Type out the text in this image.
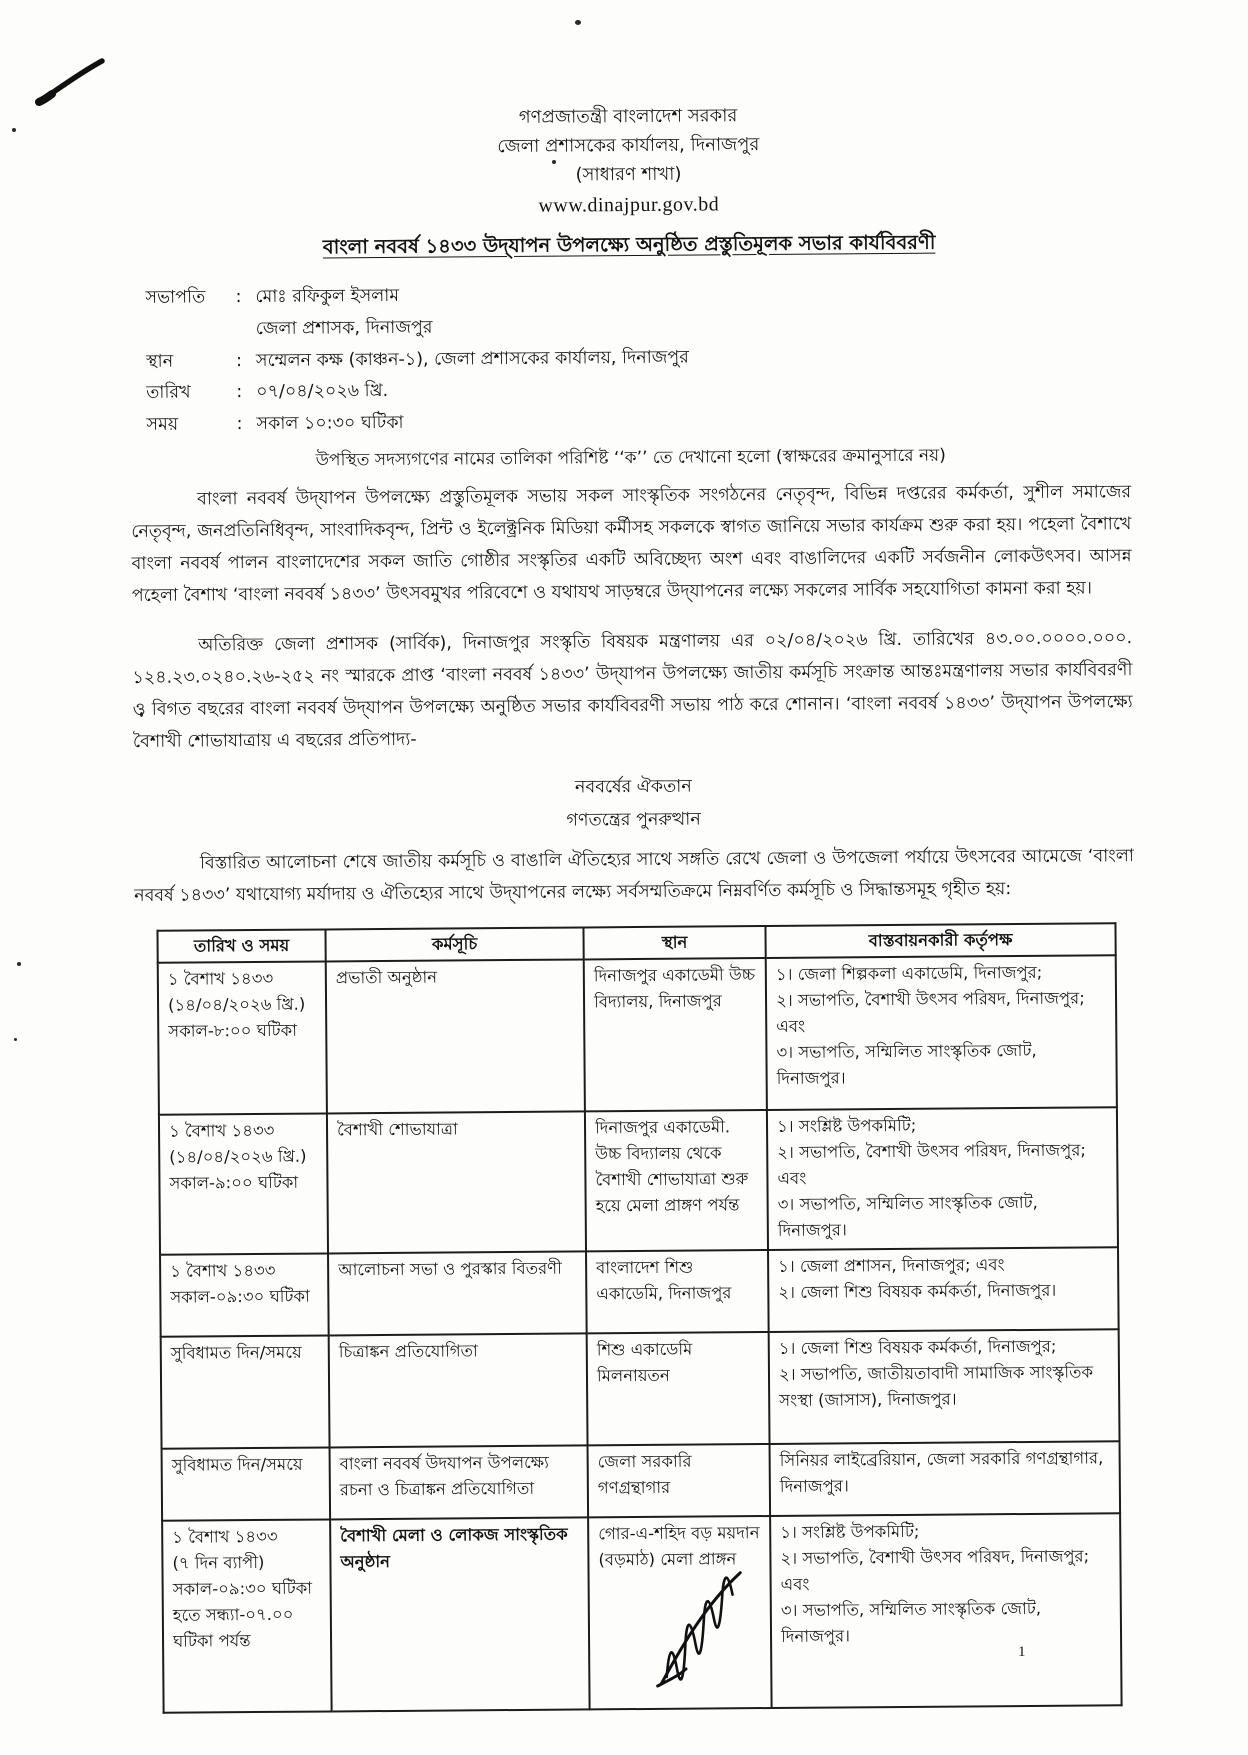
গণপ্রজাতন্ত্রী বাংলাদেশ সরকার
জেলা প্রশাসকের কার্যালয়, দিনাজপুর
(সাধারণ শাখা)
www.dinajpur.gov.bd
বাংলা নববর্ষ ১৪৩৩ উদ্‌যাপন উপলক্ষ্যে অনুষ্ঠিত প্রস্তুতিমূলক সভার কার্যবিবরণী
সভাপতি	: মোঃ রফিকুল ইসলাম
জেলা প্রশাসক, দিনাজপুর
স্থান	: সম্মেলন কক্ষ (কাঞ্চন-১), জেলা প্রশাসকের কার্যালয়, দিনাজপুর
তারিখ	: ০৭/০৪/২০২৬ খ্রি.
সময়	: সকাল ১০:৩০ ঘটিকা
উপস্থিত সদস্যগণের নামের তালিকা পরিশিষ্ট ‘‘ক’’ তে দেখানো হলো (স্বাক্ষরের ক্রমানুসারে নয়)

বাংলা নববর্ষ উদ্‌যাপন উপলক্ষ্যে প্রস্তুতিমূলক সভায় সকল সাংস্কৃতিক সংগঠনের নেতৃবৃন্দ, বিভিন্ন দপ্তরের কর্মকর্তা, সুশীল সমাজের নেতৃবৃন্দ, জনপ্রতিনিধিবৃন্দ, সাংবাদিকবৃন্দ, প্রিন্ট ও ইলেক্ট্রনিক মিডিয়া কর্মীসহ সকলকে স্বাগত জানিয়ে সভার কার্যক্রম শুরু করা হয়। পহেলা বৈশাখে বাংলা নববর্ষ পালন বাংলাদেশের সকল জাতি গোষ্ঠীর সংস্কৃতির একটি অবিচ্ছেদ্য অংশ এবং বাঙালিদের একটি সর্বজনীন লোকউৎসব। আসন্ন পহেলা বৈশাখ ‘বাংলা নববর্ষ ১৪৩৩’ উৎসবমুখর পরিবেশে ও যথাযথ সাড়ম্বরে উদ্‌যাপনের লক্ষ্যে সকলের সার্বিক সহযোগিতা কামনা করা হয়।

অতিরিক্ত জেলা প্রশাসক (সার্বিক), দিনাজপুর সংস্কৃতি বিষয়ক মন্ত্রণালয় এর ০২/০৪/২০২৬ খ্রি. তারিখের ৪৩.০০.০০০০.০০০. ১২৪.২৩.০২৪০.২৬-২৫২ নং স্মারকে প্রাপ্ত ‘বাংলা নববর্ষ ১৪৩৩’ উদ্‌যাপন উপলক্ষ্যে জাতীয় কর্মসূচি সংক্রান্ত আন্তঃমন্ত্রণালয় সভার কার্যবিবরণী ও বিগত বছরের বাংলা নববর্ষ উদ্‌যাপন উপলক্ষ্যে অনুষ্ঠিত সভার কার্যবিবরণী সভায় পাঠ করে শোনান। ‘বাংলা নববর্ষ ১৪৩৩’ উদ্‌যাপন উপলক্ষ্যে বৈশাখী শোভাযাত্রায় এ বছরের প্রতিপাদ্য-

নববর্ষের ঐকতান
গণতন্ত্রের পুনরুত্থান

বিস্তারিত আলোচনা শেষে জাতীয় কর্মসূচি ও বাঙালি ঐতিহ্যের সাথে সঙ্গতি রেখে জেলা ও উপজেলা পর্যায়ে উৎসবের আমেজে ‘বাংলা নববর্ষ ১৪৩৩’ যথাযোগ্য মর্যাদায় ও ঐতিহ্যের সাথে উদ্‌যাপনের লক্ষ্যে সর্বসম্মতিক্রমে নিম্নবর্ণিত কর্মসূচি ও সিদ্ধান্তসমূহ গৃহীত হয়:

তারিখ ও সময়	কর্মসূচি	স্থান	বাস্তবায়নকারী কর্তৃপক্ষ
১ বৈশাখ ১৪৩৩
(১৪/০৪/২০২৬ খ্রি.)
সকাল-৮:০০ ঘটিকা	প্রভাতী অনুষ্ঠান	দিনাজপুর একাডেমী উচ্চ বিদ্যালয়, দিনাজপুর	১। জেলা শিল্পকলা একাডেমি, দিনাজপুর;
২। সভাপতি, বৈশাখী উৎসব পরিষদ, দিনাজপুর; এবং
৩। সভাপতি, সম্মিলিত সাংস্কৃতিক জোট, দিনাজপুর।
১ বৈশাখ ১৪৩৩
(১৪/০৪/২০২৬ খ্রি.)
সকাল-৯:০০ ঘটিকা	বৈশাখী শোভাযাত্রা	দিনাজপুর একাডেমী. উচ্চ বিদ্যালয় থেকে বৈশাখী শোভাযাত্রা শুরু হয়ে মেলা প্রাঙ্গণ পর্যন্ত	১। সংশ্লিষ্ট উপকমিটি;
২। সভাপতি, বৈশাখী উৎসব পরিষদ, দিনাজপুর; এবং
৩। সভাপতি, সম্মিলিত সাংস্কৃতিক জোট, দিনাজপুর।
১ বৈশাখ ১৪৩৩
সকাল-০৯:৩০ ঘটিকা	আলোচনা সভা ও পুরস্কার বিতরণী	বাংলাদেশ শিশু একাডেমি, দিনাজপুর	১। জেলা প্রশাসন, দিনাজপুর; এবং
২। জেলা শিশু বিষয়ক কর্মকর্তা, দিনাজপুর।
সুবিধামত দিন/সময়ে	চিত্রাঙ্কন প্রতিযোগিতা	শিশু একাডেমি মিলনায়তন	১। জেলা শিশু বিষয়ক কর্মকর্তা, দিনাজপুর;
২। সভাপতি, জাতীয়তাবাদী সামাজিক সাংস্কৃতিক সংস্থা (জাসাস), দিনাজপুর।
সুবিধামত দিন/সময়ে	বাংলা নববর্ষ উদযাপন উপলক্ষ্যে রচনা ও চিত্রাঙ্কন প্রতিযোগিতা	জেলা সরকারি গণগ্রন্থাগার	সিনিয়র লাইব্রেরিয়ান, জেলা সরকারি গণগ্রন্থাগার, দিনাজপুর।
১ বৈশাখ ১৪৩৩
(৭ দিন ব্যাপী)
সকাল-০৯:৩০ ঘটিকা
হতে সন্ধ্যা-০৭.০০
ঘটিকা পর্যন্ত	বৈশাখী মেলা ও লোকজ সাংস্কৃতিক অনুষ্ঠান	গোর-এ-শহিদ বড় ময়দান (বড়মাঠ) মেলা প্রাঙ্গন	১। সংশ্লিষ্ট উপকমিটি;
২। সভাপতি, বৈশাখী উৎসব পরিষদ, দিনাজপুর; এবং
৩। সভাপতি, সম্মিলিত সাংস্কৃতিক জোট, দিনাজপুর।
1
